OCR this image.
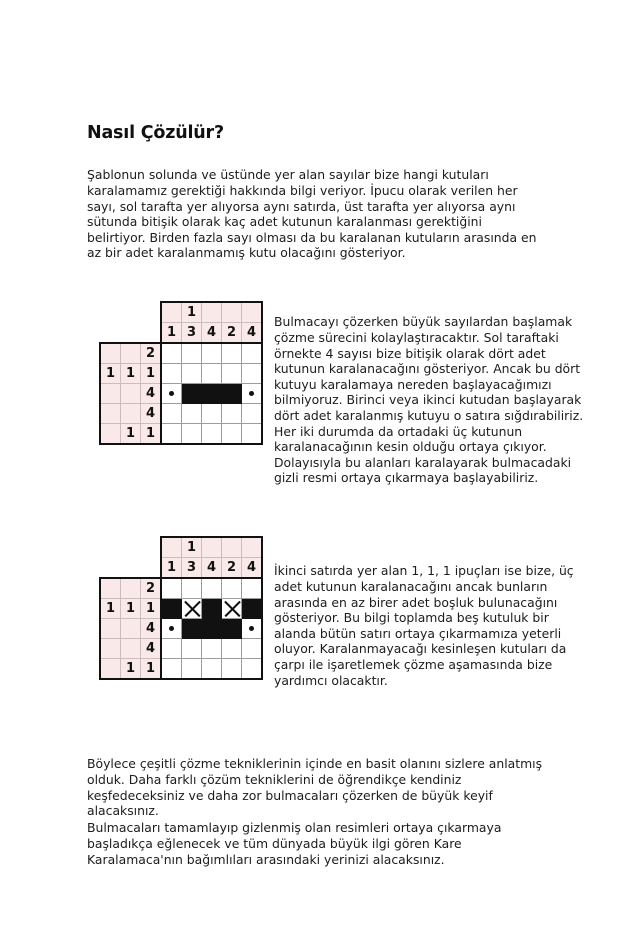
Nasıl Çözülür?

Şablonun solunda ve üstünde yer alan sayılar bize hangi kutuları karalamamız gerektiği hakkında bilgi veriyor. İpucu olarak verilen her sayı, sol tarafta yer alıyorsa aynı satırda, üst tarafta yer alıyorsa aynı sütunda bitişik olarak kaç adet kutunun karalanması gerektiğini belirtiyor. Birden fazla sayı olması da bu karalanan kutuların arasında en az bir adet karalanmamış kutu olacağını gösteriyor.

				1			
			1	3	4	2	4
		2					
1	1	1					
		4					
		4					
	1	1					

Bulmacayı çözerken büyük sayılardan başlamak çözme sürecini kolaylaştıracaktır. Sol taraftaki örnekte 4 sayısı bize bitişik olarak dört adet kutunun karalanacağını gösteriyor. Ancak bu dört kutuyu karalamaya nereden başlayacağımızı bilmiyoruz. Birinci veya ikinci kutudan başlayarak dört adet karalanmış kutuyu o satıra sığdırabiliriz. Her iki durumda da ortadaki üç kutunun karalanacağının kesin olduğu ortaya çıkıyor. Dolayısıyla bu alanları karalayarak bulmacadaki gizli resmi ortaya çıkarmaya başlayabiliriz.

				1			
			1	3	4	2	4
		2					
1	1	1		

		4					
		4					
	1	1					

İkinci satırda yer alan 1, 1, 1 ipuçları ise bize, üç adet kutunun karalanacağını ancak bunların arasında en az birer adet boşluk bulunacağını gösteriyor. Bu bilgi toplamda beş kutuluk bir alanda bütün satırı ortaya çıkarmamıza yeterli oluyor. Karalanmayacağı kesinleşen kutuları da çarpı ile işaretlemek çözme aşamasında bize yardımcı olacaktır.

Böylece çeşitli çözme tekniklerinin içinde en basit olanını sizlere anlatmış olduk. Daha farklı çözüm tekniklerini de öğrendikçe kendiniz keşfedeceksiniz ve daha zor bulmacaları çözerken de büyük keyif alacaksınız.

Bulmacaları tamamlayıp gizlenmiş olan resimleri ortaya çıkarmaya başladıkça eğlenecek ve tüm dünyada büyük ilgi gören Kare Karalamaca'nın bağımlıları arasındaki yerinizi alacaksınız.
